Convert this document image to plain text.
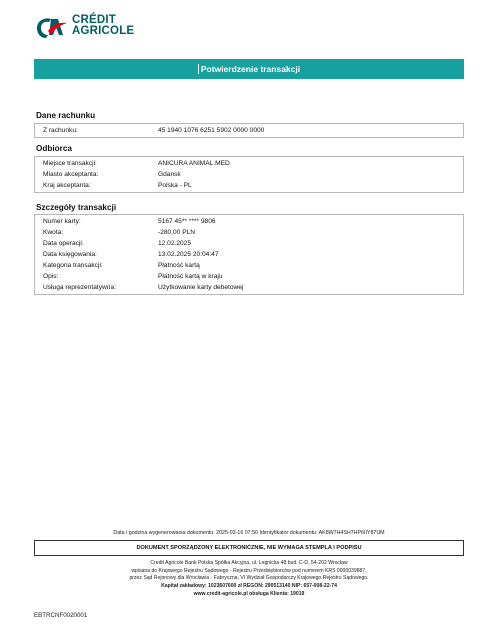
CRÉDIT
AGRICOLE
Potwierdzenie transakcji
Dane rachunku
Z rachunku:	45 1940 1076 6251 5902 0000 0000
Odbiorca
Miejsce transakcji:	ANICURA ANIMAL.MED
Miasto akceptanta:	Gdansk
Kraj akceptanta:	Polska - PL
Szczegóły transakcji
Numer karty:	5167 45** **** 9806
Kwota:	-280,00 PLN
Data operacji:	12.02.2025
Data księgowania:	13.02.2025 20:04:47
Kategoria transakcji:	Płatność kartą
Opis:	Płatność kartą w kraju
Usługa reprezentatywna:	Użytkowanie karty debetowej
Data i godzina wygenerowania dokumentu: 2025-03-16 07:50 Identyfikator dokumentu: AK8W7H4SH7HP6IIY87UM
DOKUMENT SPORZĄDZONY ELEKTRONICZNIE, NIE WYMAGA STEMPLA I PODPISU
Credit Agricole Bank Polska Spółka Akcyjna, ul. Legnicka 48 bud. C-D, 54-202 Wrocław
wpisana do Krajowego Rejestru Sądowego - Rejestru Przedsiębiorców pod numerem KRS 0000039887,
przez Sąd Rejonowy dla Wrocławia - Fabryczna, VI Wydział Gospodarczy Krajowego Rejestru Sądowego.
Kapitał zakładowy: 1023607600 zł REGON: 290513140 NIP: 657-008-22-74
www.credit-agricole.pl obsługa Klienta: 19019
EBTRCNF0020001
